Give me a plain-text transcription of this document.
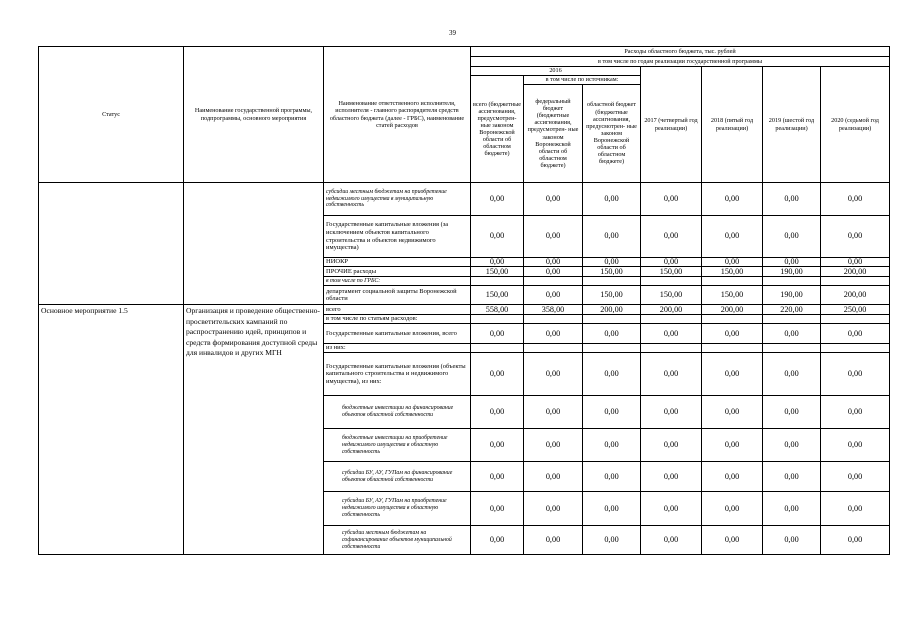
39
Статус	Наименование государственной программы, подпрограммы, основного мероприятия	Наименование ответственного исполнителя, исполнителя - главного распорядителя средств областного бюджета (далее - ГРБС), наименование статей расходов	Расходы областного бюджета, тыс. рублей						
			в том числе по годам реализации государственной программы						
			2016			2017 (четвертый год реализации)	2018 (пятый год реализации)	2019 (шестой год реализации)	2020 (седьмой год реализации)
			всего (бюджетные ассигнования, предусмотрен- ные законом Воронежской области об областном бюджете)	в том числе по источникам:					
				федеральный бюджет (бюджетные ассигнования, предусмотрен- ные законом Воронежской области об областном бюджете)	областной бюджет (бюджетные ассигнования, предусмотрен- ные законом Воронежской области об областном бюджете)				
		субсидии местным бюджетам на приобретение недвижимого имущества в муниципальную собственность	0,00	0,00	0,00	0,00	0,00	0,00	0,00
		Государственные капитальные вложения (за исключением объектов капитального строительства и объектов недвижимого имущества)	0,00	0,00	0,00	0,00	0,00	0,00	0,00
		НИОКР	0,00	0,00	0,00	0,00	0,00	0,00	0,00
		ПРОЧИЕ расходы	150,00	0,00	150,00	150,00	150,00	190,00	200,00
		в том числе по ГРБС:							
		департамент социальной защиты Воронежской области	150,00	0,00	150,00	150,00	150,00	190,00	200,00
Основное мероприятие 1.5	Организация и проведение общественно-просветительских кампаний по распространению идей, принципов и средств формирования доступной среды для инвалидов и других МГН	всего	558,00	358,00	200,00	200,00	200,00	220,00	250,00
		в том числе по статьям расходов:							
		Государственные капитальные вложения, всего	0,00	0,00	0,00	0,00	0,00	0,00	0,00
		из них:							
		Государственные капитальные вложения (объекты капитального строительства и недвижимого имущества), из них:	0,00	0,00	0,00	0,00	0,00	0,00	0,00
		бюджетные инвестиции на финансирование объектов областной собственности	0,00	0,00	0,00	0,00	0,00	0,00	0,00
		бюджетные инвестиции на приобретение недвижимого имущества в областную собственность	0,00	0,00	0,00	0,00	0,00	0,00	0,00
		субсидии БУ, АУ, ГУПам на финансирование объектов областной собственности	0,00	0,00	0,00	0,00	0,00	0,00	0,00
		субсидии БУ, АУ, ГУПам на приобретение недвижимого имущества в областную собственность	0,00	0,00	0,00	0,00	0,00	0,00	0,00
		субсидии местным бюджетам на софинансирование объектов муниципальной собственности	0,00	0,00	0,00	0,00	0,00	0,00	0,00
